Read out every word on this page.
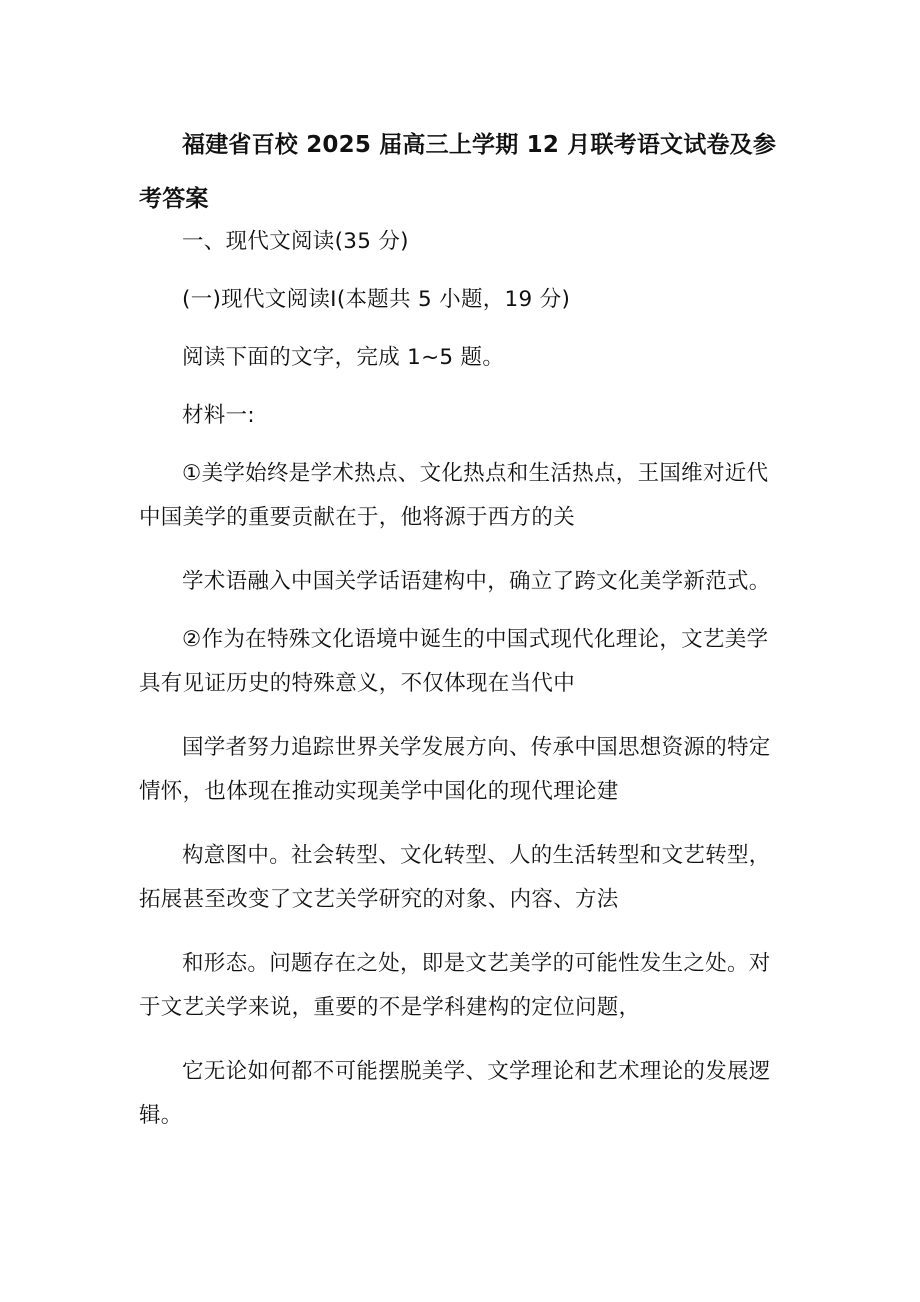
福建省百校 2025 届高三上学期 12 月联考语文试卷及参考答案
一、现代文阅读(35 分)
(一)现代文阅读Ⅰ(本题共 5 小题，19 分)
阅读下面的文字，完成 1~5 题。
材料一:
①美学始终是学术热点、文化热点和生活热点，王国维对近代中国美学的重要贡献在于，他将源于西方的关
学术语融入中国关学话语建构中，确立了跨文化美学新范式。
②作为在特殊文化语境中诞生的中国式现代化理论，文艺美学具有见证历史的特殊意义，不仅体现在当代中
国学者努力追踪世界关学发展方向、传承中国思想资源的特定情怀，也体现在推动实现美学中国化的现代理论建
构意图中。社会转型、文化转型、人的生活转型和文艺转型，拓展甚至改变了文艺关学研究的对象、内容、方法
和形态。问题存在之处，即是文艺美学的可能性发生之处。对于文艺关学来说，重要的不是学科建构的定位问题，
它无论如何都不可能摆脱美学、文学理论和艺术理论的发展逻辑。
